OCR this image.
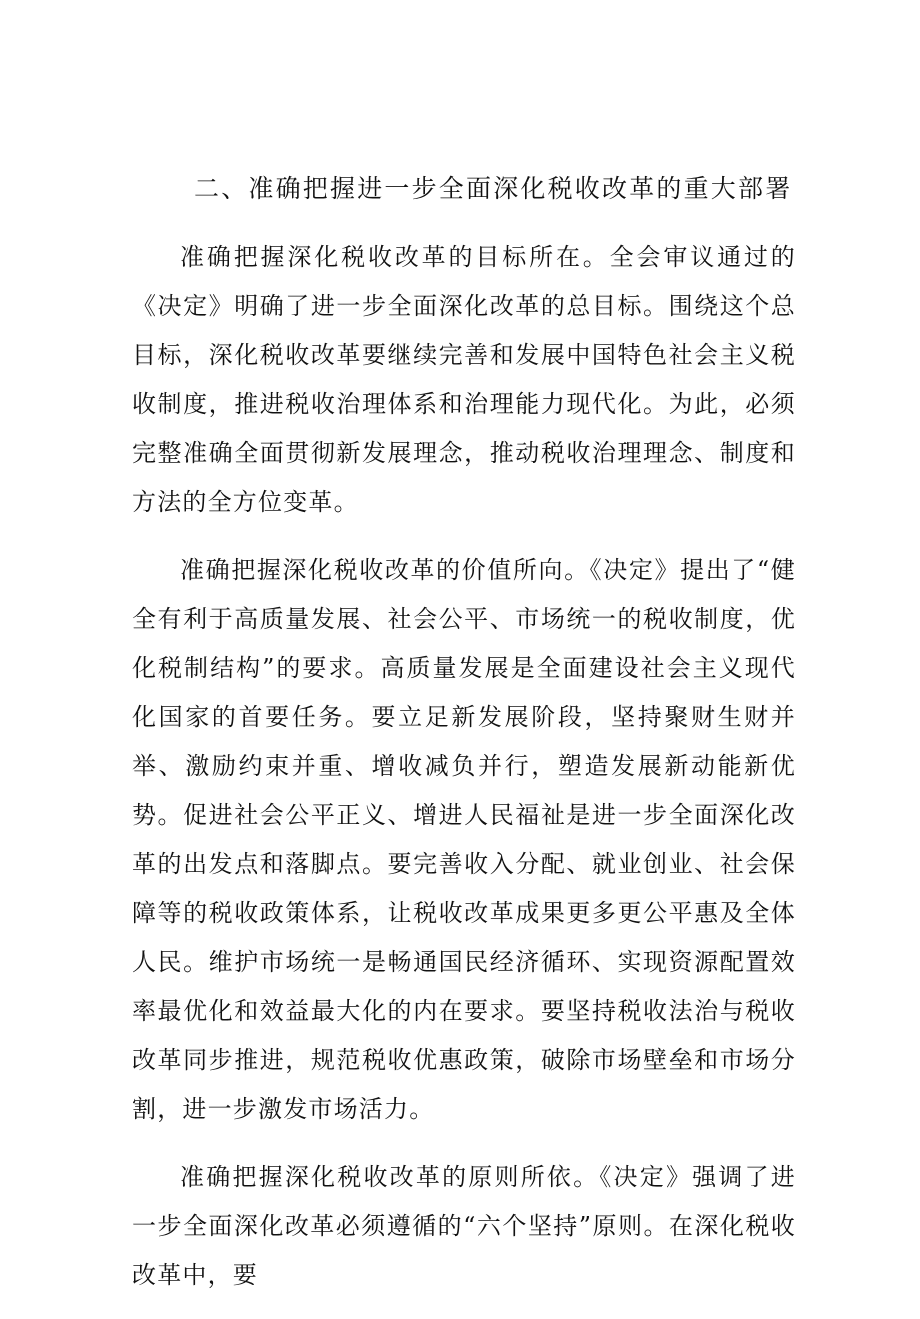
二、准确把握进一步全面深化税收改革的重大部署

准确把握深化税收改革的目标所在。全会审议通过的《决定》明确了进一步全面深化改革的总目标。围绕这个总目标，深化税收改革要继续完善和发展中国特色社会主义税收制度，推进税收治理体系和治理能力现代化。为此，必须完整准确全面贯彻新发展理念，推动税收治理理念、制度和方法的全方位变革。

准确把握深化税收改革的价值所向。《决定》提出了“健全有利于高质量发展、社会公平、市场统一的税收制度，优化税制结构”的要求。高质量发展是全面建设社会主义现代化国家的首要任务。要立足新发展阶段，坚持聚财生财并举、激励约束并重、增收减负并行，塑造发展新动能新优势。促进社会公平正义、增进人民福祉是进一步全面深化改革的出发点和落脚点。要完善收入分配、就业创业、社会保障等的税收政策体系，让税收改革成果更多更公平惠及全体人民。维护市场统一是畅通国民经济循环、实现资源配置效率最优化和效益最大化的内在要求。要坚持税收法治与税收改革同步推进，规范税收优惠政策，破除市场壁垒和市场分割，进一步激发市场活力。

准确把握深化税收改革的原则所依。《决定》强调了进一步全面深化改革必须遵循的“六个坚持”原则。在深化税收改革中，要
